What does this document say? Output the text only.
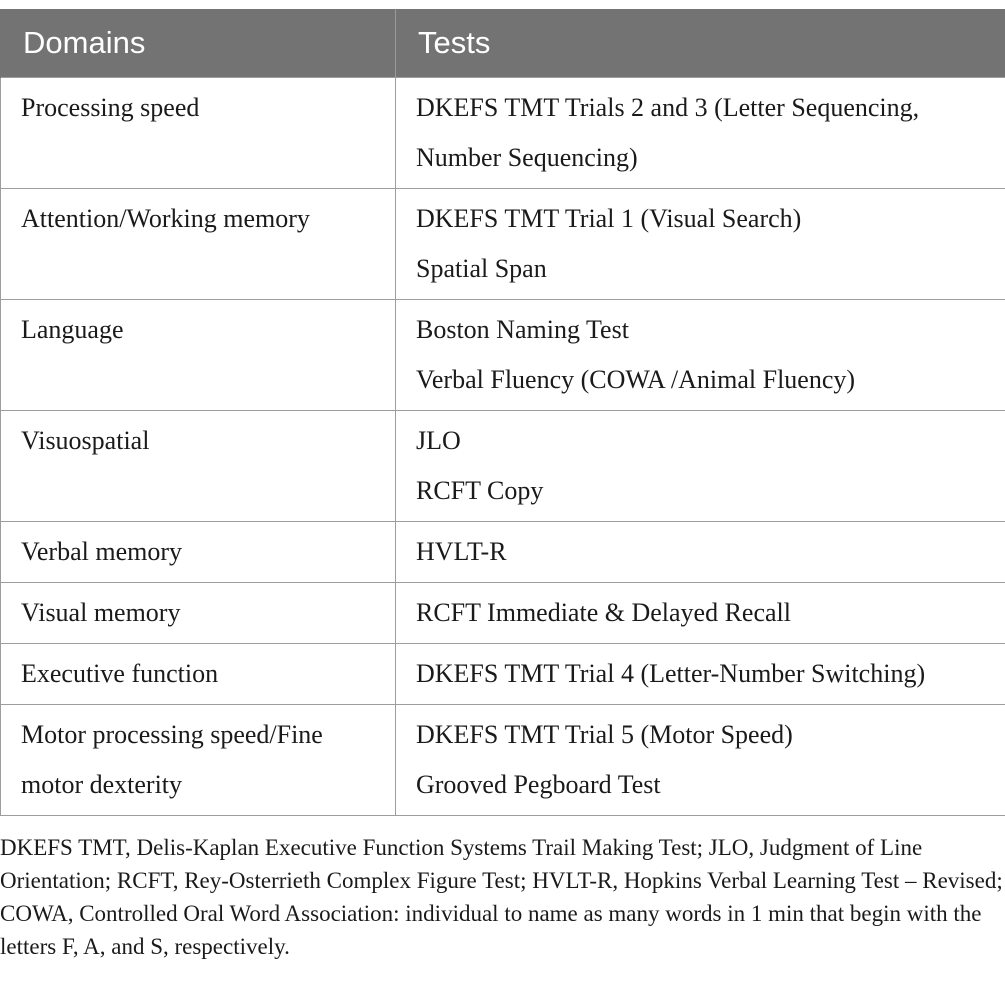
Domains	Tests

Processing speed	DKEFS TMT Trials 2 and 3 (Letter Sequencing,
Number Sequencing)

Attention/Working memory	DKEFS TMT Trial 1 (Visual Search)
Spatial Span

Language	Boston Naming Test
Verbal Fluency (COWA /Animal Fluency)

Visuospatial	JLO
RCFT Copy

Verbal memory	HVLT-R

Visual memory	RCFT Immediate & Delayed Recall

Executive function	DKEFS TMT Trial 4 (Letter-Number Switching)

Motor processing speed/Fine
motor dexterity	DKEFS TMT Trial 5 (Motor Speed)
Grooved Pegboard Test

DKEFS TMT, Delis-Kaplan Executive Function Systems Trail Making Test; JLO, Judgment of Line Orientation; RCFT, Rey-Osterrieth Complex Figure Test; HVLT-R, Hopkins Verbal Learning Test – Revised; COWA, Controlled Oral Word Association: individual to name as many words in 1 min that begin with the letters F, A, and S, respectively.
